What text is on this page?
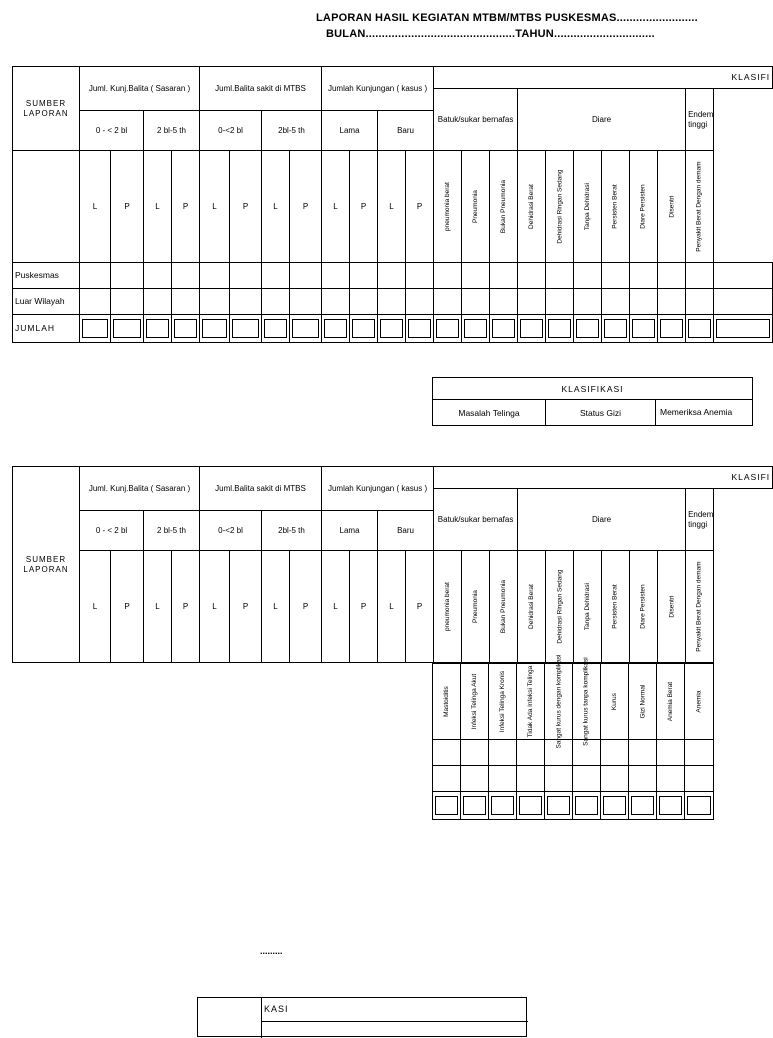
LAPORAN HASIL KEGIATAN MTBM/MTBS PUSKESMAS.........................
BULAN..............................................TAHUN...............................
SUMBER LAPORAN	Juml. Kunj.Balita ( Sasaran )				Juml.Balita sakit di MTBS				Jumlah Kunjungan ( kasus )				KLASIFI										
													Batuk/sukar bernafas			Diare						Endem tinggi	
	0 - < 2 bl		2 bl-5 th		0-<2 bl		2bl-5 th		Lama		Baru												
	L	P	L	P	L	P	L	P	L	P	L	P	pneumonia berat	Pneumonia	Bukan Pneumonia	Dehidrasi Berat	Dehidrasi Ringan Sedang	Tanpa Dehidrasi	Persisten Berat	Diare Persisten	Disentri	Penyakit Berat Dengan demam	

Puskesmas																							
Luar Wilayah																							
JUMLAH	

KLASIFIKASI
Masalah Telinga	Status Gizi	Memeriksa Anemia
SUMBER LAPORAN	Juml. Kunj.Balita ( Sasaran )				Juml.Balita sakit di MTBS				Jumlah Kunjungan ( kasus )				KLASIFI										
													Batuk/sukar bernafas			Diare						Endem tinggi	
	0 - < 2 bl		2 bl-5 th		0-<2 bl		2bl-5 th		Lama		Baru												
	L	P	L	P	L	P	L	P	L	P	L	P	pneumonia berat	Pneumonia	Bukan Pneumonia	Dehidrasi Berat	Dehidrasi Ringan Sedang	Tanpa Dehidrasi	Persisten Berat	Diare Persisten	Disentri	Penyakit Berat Dengan demam	

Mastoiditis	Infeksi Telinga Akut	Infeksi Telinga Kronis	Tidak Ada Infeksi Telinga	Sangat kurus dengan komplikasi	Sangat kurus tanpa komplikasi	Kurus	Gizi Normal	Anemia Berat	Anemia

.........
KASI
